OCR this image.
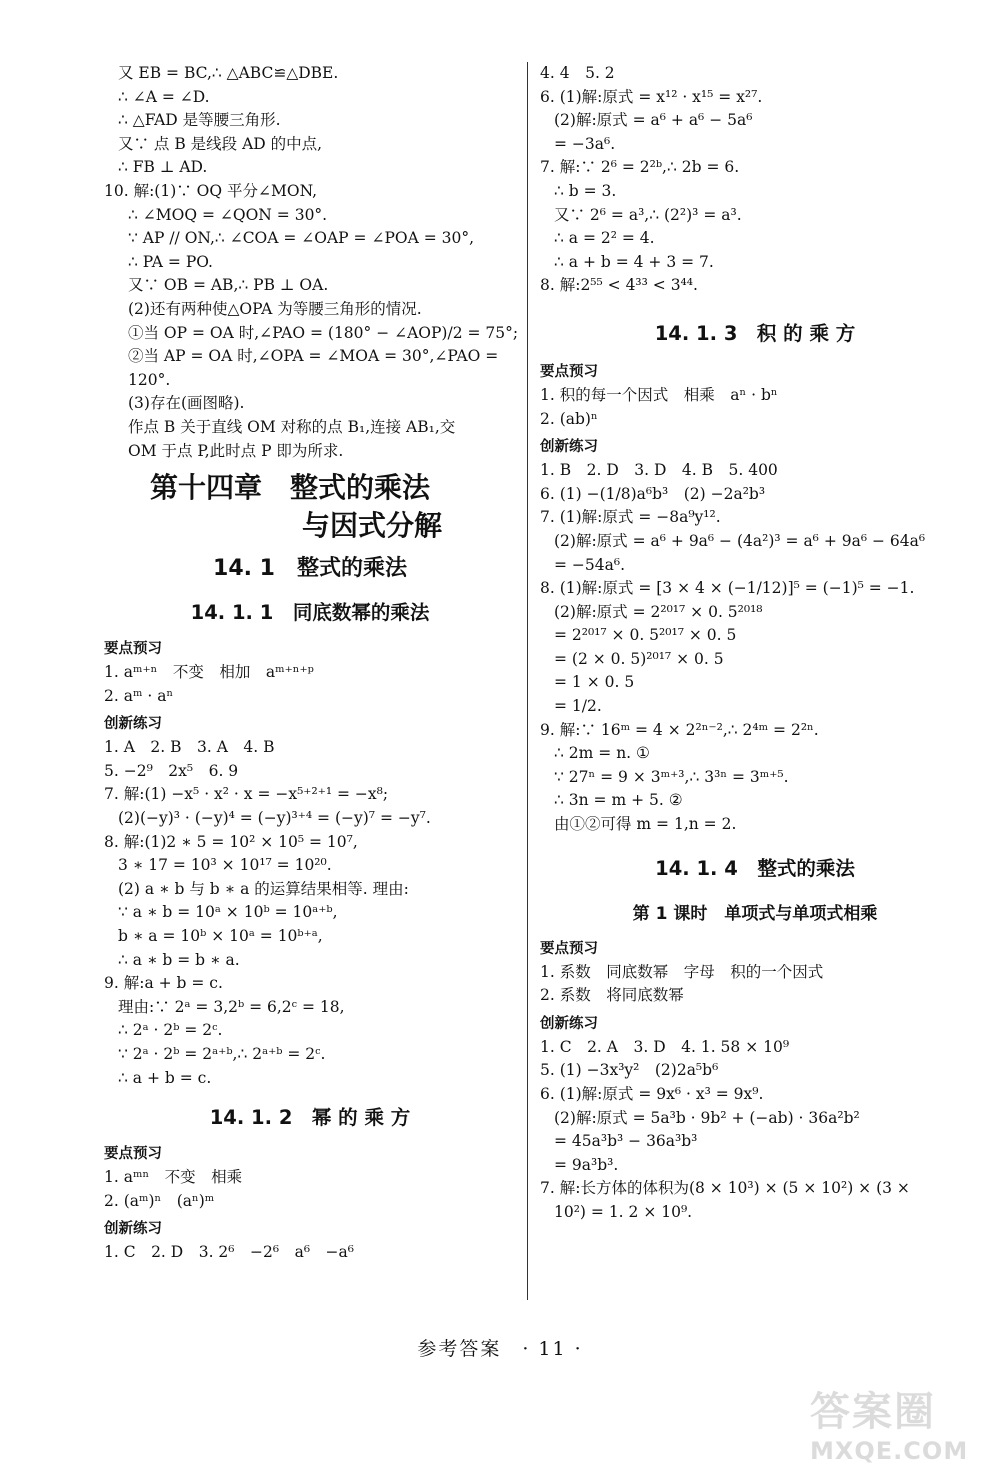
又 EB = BC,∴ △ABC≌△DBE.
∴ ∠A = ∠D.
∴ △FAD 是等腰三角形.
又∵ 点 B 是线段 AD 的中点,
∴ FB ⊥ AD.
10. 解:(1)∵ OQ 平分∠MON,
∴ ∠MOQ = ∠QON = 30°.
∵ AP // ON,∴ ∠COA = ∠OAP = ∠POA = 30°,
∴ PA = PO.
又∵ OB = AB,∴ PB ⊥ OA.
(2)还有两种使△OPA 为等腰三角形的情况.
①当 OP = OA 时,∠PAO = (180° − ∠AOP)/2 = 75°;
②当 AP = OA 时,∠OPA = ∠MOA = 30°,∠PAO =
120°.
(3)存在(画图略).
作点 B 关于直线 OM 对称的点 B₁,连接 AB₁,交
OM 于点 P,此时点 P 即为所求.
第十四章　整式的乘法
与因式分解
14. 1　整式的乘法
14. 1. 1　同底数幂的乘法
要点预习
1. aᵐ⁺ⁿ　不变　相加　aᵐ⁺ⁿ⁺ᵖ
2. aᵐ · aⁿ
创新练习
1. A　2. B　3. A　4. B
5. −2⁹　2x⁵　6. 9
7. 解:(1) −x⁵ · x² · x = −x⁵⁺²⁺¹ = −x⁸;
(2)(−y)³ · (−y)⁴ = (−y)³⁺⁴ = (−y)⁷ = −y⁷.
8. 解:(1)2 ∗ 5 = 10² × 10⁵ = 10⁷,
3 ∗ 17 = 10³ × 10¹⁷ = 10²⁰.
(2) a ∗ b 与 b ∗ a 的运算结果相等. 理由:
∵ a ∗ b = 10ᵃ × 10ᵇ = 10ᵃ⁺ᵇ,
b ∗ a = 10ᵇ × 10ᵃ = 10ᵇ⁺ᵃ,
∴ a ∗ b = b ∗ a.
9. 解:a + b = c.
理由:∵ 2ᵃ = 3,2ᵇ = 6,2ᶜ = 18,
∴ 2ᵃ · 2ᵇ = 2ᶜ.
∵ 2ᵃ · 2ᵇ = 2ᵃ⁺ᵇ,∴ 2ᵃ⁺ᵇ = 2ᶜ.
∴ a + b = c.
14. 1. 2　幂 的 乘 方
要点预习
1. aᵐⁿ　不变　相乘
2. (aᵐ)ⁿ　(aⁿ)ᵐ
创新练习
1. C　2. D　3. 2⁶　−2⁶　a⁶　−a⁶
4. 4　5. 2
6. (1)解:原式 = x¹² · x¹⁵ = x²⁷.
(2)解:原式 = a⁶ + a⁶ − 5a⁶
= −3a⁶.
7. 解:∵ 2⁶ = 2²ᵇ,∴ 2b = 6.
∴ b = 3.
又∵ 2⁶ = a³,∴ (2²)³ = a³.
∴ a = 2² = 4.
∴ a + b = 4 + 3 = 7.
8. 解:2⁵⁵ < 4³³ < 3⁴⁴.
14. 1. 3　积 的 乘 方
要点预习
1. 积的每一个因式　相乘　aⁿ · bⁿ
2. (ab)ⁿ
创新练习
1. B　2. D　3. D　4. B　5. 400
6. (1) −(1/8)a⁶b³　(2) −2a²b³
7. (1)解:原式 = −8a⁹y¹².
(2)解:原式 = a⁶ + 9a⁶ − (4a²)³ = a⁶ + 9a⁶ − 64a⁶
= −54a⁶.
8. (1)解:原式 = [3 × 4 × (−1/12)]⁵ = (−1)⁵ = −1.
(2)解:原式 = 2²⁰¹⁷ × 0. 5²⁰¹⁸
= 2²⁰¹⁷ × 0. 5²⁰¹⁷ × 0. 5
= (2 × 0. 5)²⁰¹⁷ × 0. 5
= 1 × 0. 5
= 1/2.
9. 解:∵ 16ᵐ = 4 × 2²ⁿ⁻²,∴ 2⁴ᵐ = 2²ⁿ.
∴ 2m = n. ①
∵ 27ⁿ = 9 × 3ᵐ⁺³,∴ 3³ⁿ = 3ᵐ⁺⁵.
∴ 3n = m + 5. ②
由①②可得 m = 1,n = 2.
14. 1. 4　整式的乘法
第 1 课时　单项式与单项式相乘
要点预习
1. 系数　同底数幂　字母　积的一个因式
2. 系数　将同底数幂
创新练习
1. C　2. A　3. D　4. 1. 58 × 10⁹
5. (1) −3x³y²　(2)2a⁵b⁶
6. (1)解:原式 = 9x⁶ · x³ = 9x⁹.
(2)解:原式 = 5a³b · 9b² + (−ab) · 36a²b²
= 45a³b³ − 36a³b³
= 9a³b³.
7. 解:长方体的体积为(8 × 10³) × (5 × 10²) × (3 ×
10²) = 1. 2 × 10⁹.
参考答案　· 11 ·
答案圈
MXQE.COM
